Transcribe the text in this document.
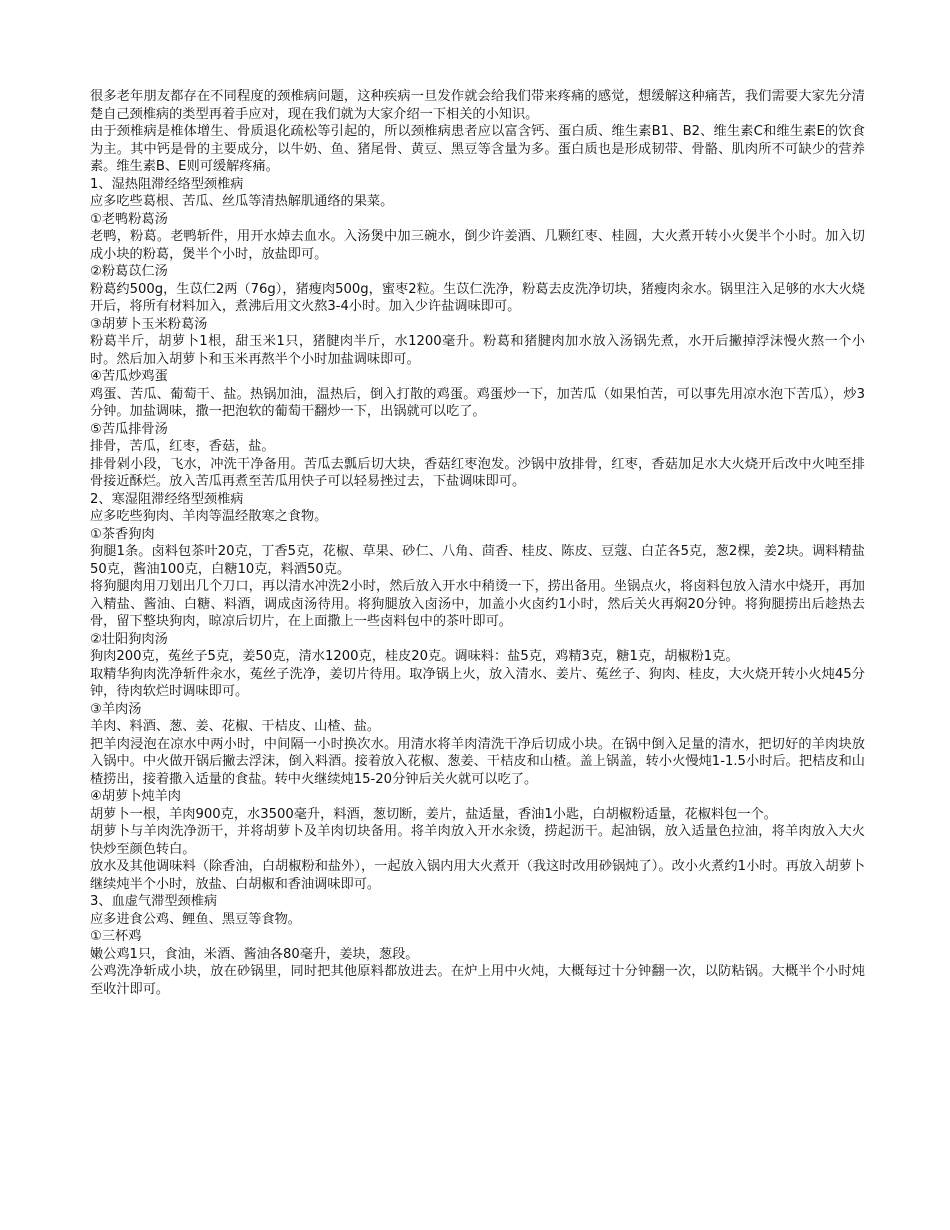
很多老年朋友都存在不同程度的颈椎病问题，这种疾病一旦发作就会给我们带来疼痛的感觉，想缓解这种痛苦，我们需要大家先分清楚自己颈椎病的类型再着手应对，现在我们就为大家介绍一下相关的小知识。

由于颈椎病是椎体增生、骨质退化疏松等引起的，所以颈椎病患者应以富含钙、蛋白质、维生素B1、B2、维生素C和维生素E的饮食为主。其中钙是骨的主要成分，以牛奶、鱼、猪尾骨、黄豆、黑豆等含量为多。蛋白质也是形成韧带、骨骼、肌肉所不可缺少的营养素。维生素B、E则可缓解疼痛。

1、湿热阻滞经络型颈椎病

应多吃些葛根、苦瓜、丝瓜等清热解肌通络的果菜。

①老鸭粉葛汤

老鸭，粉葛。老鸭斩件，用开水焯去血水。入汤煲中加三碗水，倒少许姜酒、几颗红枣、桂圆，大火煮开转小火煲半个小时。加入切成小块的粉葛，煲半个小时，放盐即可。

②粉葛苡仁汤

粉葛约500g，生苡仁2两（76g），猪瘦肉500g，蜜枣2粒。生苡仁洗净，粉葛去皮洗净切块，猪瘦肉汆水。锅里注入足够的水大火烧开后，将所有材料加入，煮沸后用文火熬3-4小时。加入少许盐调味即可。

③胡萝卜玉米粉葛汤

粉葛半斤，胡萝卜1根，甜玉米1只，猪腱肉半斤，水1200毫升。粉葛和猪腱肉加水放入汤锅先煮，水开后撇掉浮沫慢火熬一个小时。然后加入胡萝卜和玉米再熬半个小时加盐调味即可。

④苦瓜炒鸡蛋

鸡蛋、苦瓜、葡萄干、盐。热锅加油，温热后，倒入打散的鸡蛋。鸡蛋炒一下，加苦瓜（如果怕苦，可以事先用凉水泡下苦瓜），炒3分钟。加盐调味，撒一把泡软的葡萄干翻炒一下，出锅就可以吃了。

⑤苦瓜排骨汤

排骨，苦瓜，红枣，香菇，盐。

排骨剁小段，飞水，冲洗干净备用。苦瓜去瓢后切大块，香菇红枣泡发。沙锅中放排骨，红枣，香菇加足水大火烧开后改中火吨至排骨接近酥烂。放入苦瓜再煮至苦瓜用快子可以轻易挫过去，下盐调味即可。

2、寒湿阻滞经络型颈椎病

应多吃些狗肉、羊肉等温经散寒之食物。

①茶香狗肉

狗腿1条。卤料包茶叶20克，丁香5克，花椒、草果、砂仁、八角、茴香、桂皮、陈皮、豆蔻、白芷各5克，葱2棵，姜2块。调料精盐50克，酱油100克，白糖10克，料酒50克。

将狗腿肉用刀划出几个刀口，再以清水冲洗2小时，然后放入开水中稍烫一下，捞出备用。坐锅点火，将卤料包放入清水中烧开，再加入精盐、酱油、白糖、料酒，调成卤汤待用。将狗腿放入卤汤中，加盖小火卤约1小时，然后关火再焖20分钟。将狗腿捞出后趁热去骨，留下整块狗肉，晾凉后切片，在上面撒上一些卤料包中的茶叶即可。

②壮阳狗肉汤

狗肉200克，菟丝子5克，姜50克，清水1200克，桂皮20克。调味料：盐5克，鸡精3克，糖1克，胡椒粉1克。

取精华狗肉洗净斩件汆水，菟丝子洗净，姜切片待用。取净锅上火，放入清水、姜片、菟丝子、狗肉、桂皮，大火烧开转小火炖45分钟，待肉软烂时调味即可。

③羊肉汤

羊肉、料酒、葱、姜、花椒、干桔皮、山楂、盐。

把羊肉浸泡在凉水中两小时，中间隔一小时换次水。用清水将羊肉清洗干净后切成小块。在锅中倒入足量的清水，把切好的羊肉块放入锅中。中火做开锅后撇去浮沫，倒入料酒。接着放入花椒、葱姜、干桔皮和山楂。盖上锅盖，转小火慢炖1-1.5小时后。把桔皮和山楂捞出，接着撒入适量的食盐。转中火继续炖15-20分钟后关火就可以吃了。

④胡萝卜炖羊肉

胡萝卜一根，羊肉900克，水3500毫升，料酒，葱切断，姜片，盐适量，香油1小匙，白胡椒粉适量，花椒料包一个。

胡萝卜与羊肉洗净沥干，并将胡萝卜及羊肉切块备用。将羊肉放入开水汆烫，捞起沥干。起油锅，放入适量色拉油，将羊肉放入大火快炒至颜色转白。

放水及其他调味料（除香油，白胡椒粉和盐外），一起放入锅内用大火煮开（我这时改用砂锅炖了）。改小火煮约1小时。再放入胡萝卜继续炖半个小时，放盐、白胡椒和香油调味即可。

3、血虚气滞型颈椎病

应多进食公鸡、鲤鱼、黑豆等食物。

①三杯鸡

嫩公鸡1只，食油，米酒、酱油各80毫升，姜块，葱段。

公鸡洗净斩成小块，放在砂锅里，同时把其他原料都放进去。在炉上用中火炖，大概每过十分钟翻一次，以防粘锅。大概半个小时炖至收汁即可。
